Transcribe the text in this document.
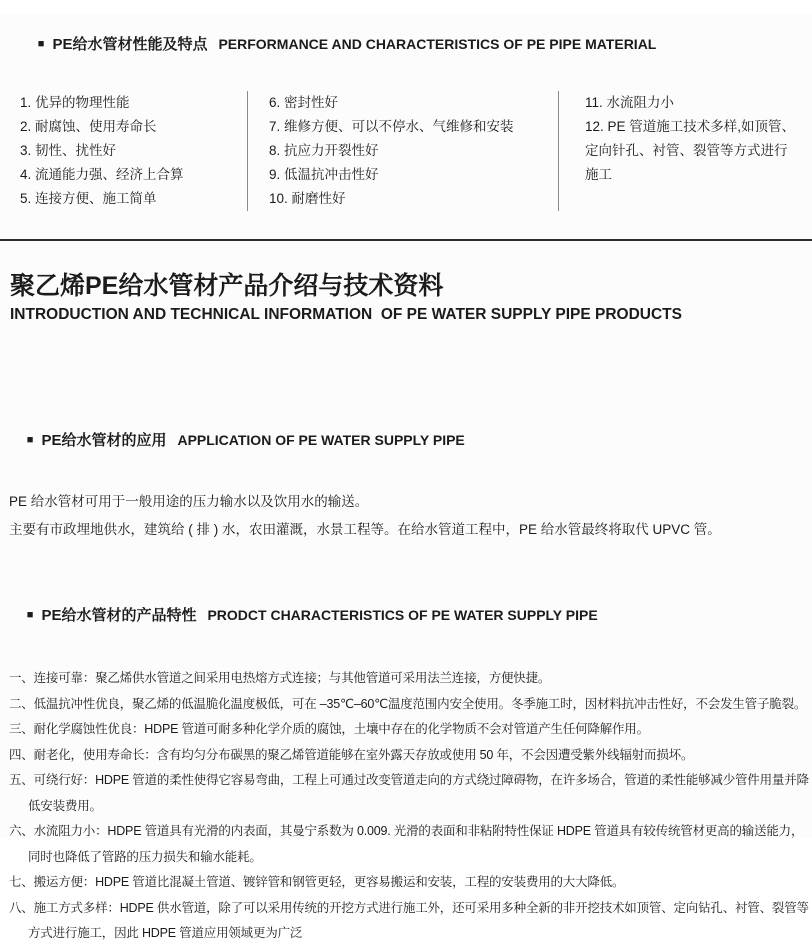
■ PE给水管材性能及特点 PERFORMANCE AND CHARACTERISTICS OF PE PIPE MATERIAL

1. 优异的物理性能

2. 耐腐蚀、使用寿命长

3. 韧性、扰性好

4. 流通能力强、经济上合算

5. 连接方便、施工简单

6. 密封性好

7. 维修方便、可以不停水、气维修和安装

8. 抗应力开裂性好

9. 低温抗冲击性好

10. 耐磨性好

11. 水流阻力小

12. PE 管道施工技术多样,如顶管、定向针孔、衬管、裂管等方式进行施工

聚乙烯PE给水管材产品介绍与技术资料
INTRODUCTION AND TECHNICAL INFORMATION  OF PE WATER SUPPLY PIPE PRODUCTS

■ PE给水管材的应用 APPLICATION OF PE WATER SUPPLY PIPE

PE 给水管材可用于一般用途的压力输水以及饮用水的输送。

主要有市政埋地供水，建筑给 ( 排 ) 水，农田灌溉，水景工程等。在给水管道工程中，PE 给水管最终将取代 UPVC 管。

■ PE给水管材的产品特性 PRODCT CHARACTERISTICS OF PE WATER SUPPLY PIPE

一、连接可靠：聚乙烯供水管道之间采用电热熔方式连接；与其他管道可采用法兰连接，方便快捷。

二、低温抗冲性优良，聚乙烯的低温脆化温度极低，可在 –35℃–60℃温度范围内安全使用。冬季施工时，因材料抗冲击性好，不会发生管子脆裂。

三、耐化学腐蚀性优良：HDPE 管道可耐多种化学介质的腐蚀，土壤中存在的化学物质不会对管道产生任何降解作用。

四、耐老化，使用寿命长：含有均匀分布碳黑的聚乙烯管道能够在室外露天存放或使用 50 年，不会因遭受紫外线辐射而损坏。

五、可绕行好：HDPE 管道的柔性使得它容易弯曲，工程上可通过改变管道走向的方式绕过障碍物，在许多场合，管道的柔性能够减少管件用量并降低安装费用。

六、水流阻力小：HDPE 管道具有光滑的内表面，其曼宁系数为 0.009. 光滑的表面和非粘附特性保证 HDPE 管道具有较传统管材更高的输送能力，同时也降低了管路的压力损失和输水能耗。

七、搬运方便：HDPE 管道比混凝土管道、镀锌管和钢管更轻，更容易搬运和安装，工程的安装费用的大大降低。

八、施工方式多样：HDPE 供水管道，除了可以采用传统的开挖方式进行施工外，还可采用多种全新的非开挖技术如顶管、定向钻孔、衬管、裂管等方式进行施工，因此 HDPE 管道应用领域更为广泛
